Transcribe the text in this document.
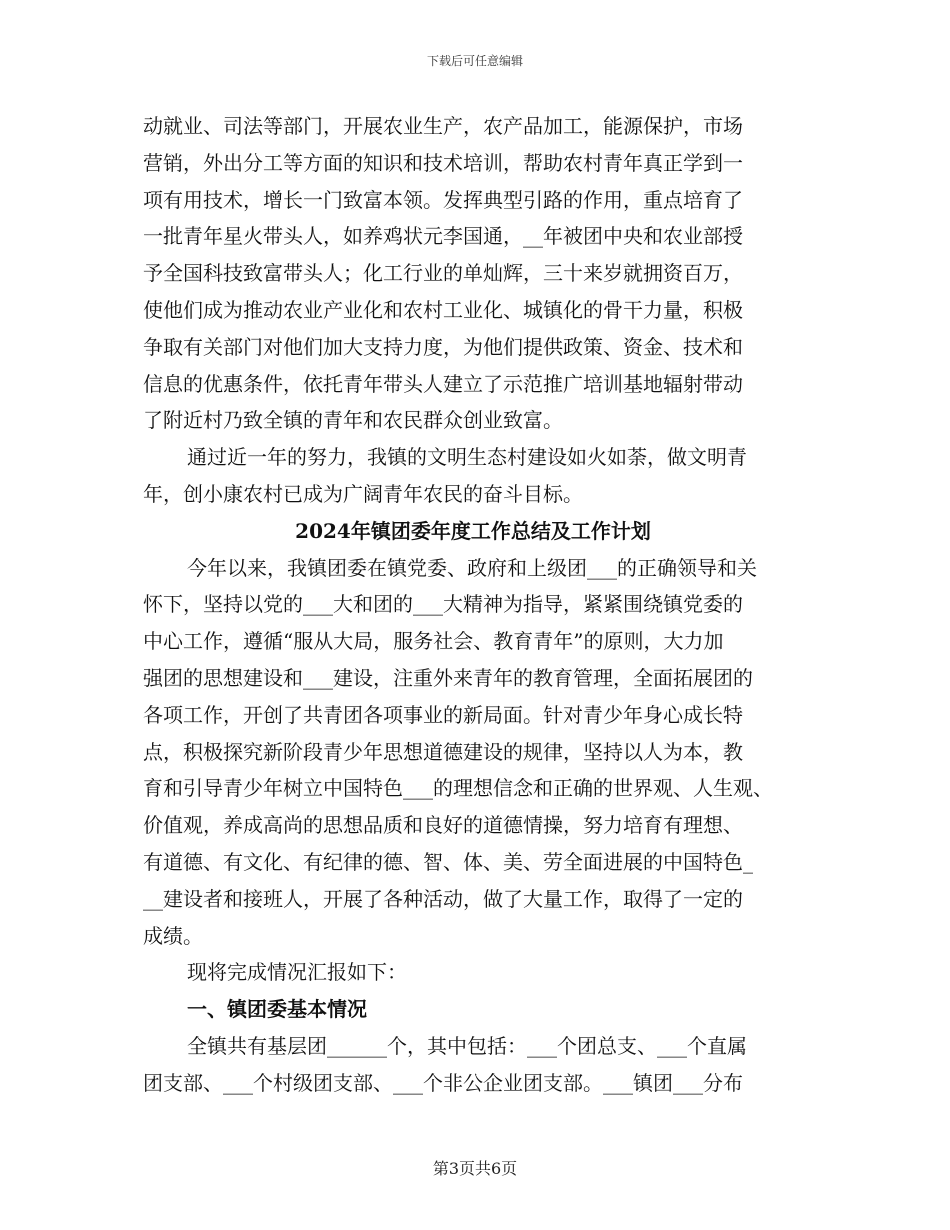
下载后可任意编辑
动就业、司法等部门，开展农业生产，农产品加工，能源保护，市场
营销，外出分工等方面的知识和技术培训，帮助农村青年真正学到一
项有用技术，增长一门致富本领。发挥典型引路的作用，重点培育了
一批青年星火带头人，如养鸡状元李国通，__年被团中央和农业部授
予全国科技致富带头人；化工行业的单灿辉，三十来岁就拥资百万，
使他们成为推动农业产业化和农村工业化、城镇化的骨干力量，积极
争取有关部门对他们加大支持力度，为他们提供政策、资金、技术和
信息的优惠条件，依托青年带头人建立了示范推广培训基地辐射带动
了附近村乃致全镇的青年和农民群众创业致富。
通过近一年的努力，我镇的文明生态村建设如火如荼，做文明青
年，创小康农村已成为广阔青年农民的奋斗目标。
2024年镇团委年度工作总结及工作计划
今年以来，我镇团委在镇党委、政府和上级团___的正确领导和关
怀下，坚持以党的___大和团的___大精神为指导，紧紧围绕镇党委的
中心工作，遵循“服从大局，服务社会、教育青年”的原则，大力加
强团的思想建设和___建设，注重外来青年的教育管理，全面拓展团的
各项工作，开创了共青团各项事业的新局面。针对青少年身心成长特
点，积极探究新阶段青少年思想道德建设的规律，坚持以人为本，教
育和引导青少年树立中国特色___的理想信念和正确的世界观、人生观、
价值观，养成高尚的思想品质和良好的道德情操，努力培育有理想、
有道德、有文化、有纪律的德、智、体、美、劳全面进展的中国特色_
__建设者和接班人，开展了各种活动，做了大量工作，取得了一定的
成绩。
现将完成情况汇报如下：
一、镇团委基本情况
全镇共有基层团______个，其中包括：___个团总支、___个直属
团支部、___个村级团支部、___个非公企业团支部。___镇团___分布
第3页共6页
